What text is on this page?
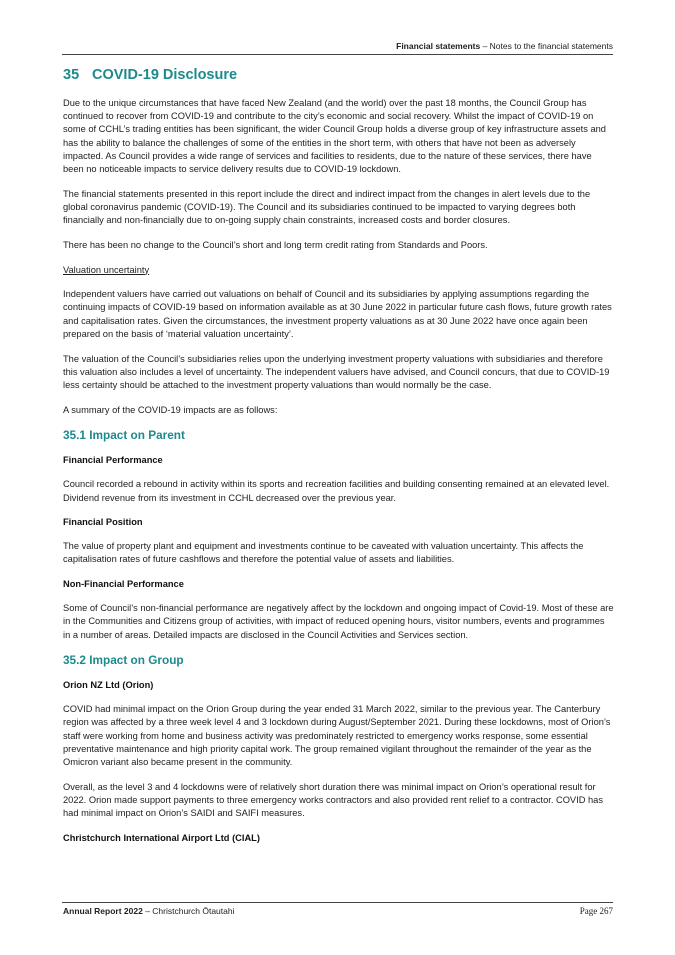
Financial statements – Notes to the financial statements
35 COVID-19 Disclosure

Due to the unique circumstances that have faced New Zealand (and the world) over the past 18 months, the Council Group has continued to recover from COVID-19 and contribute to the city’s economic and social recovery. Whilst the impact of COVID-19 on some of CCHL’s trading entities has been significant, the wider Council Group holds a diverse group of key infrastructure assets and has the ability to balance the challenges of some of the entities in the short term, with others that have not been as adversely impacted. As Council provides a wide range of services and facilities to residents, due to the nature of these services, there have been no noticeable impacts to service delivery results due to COVID-19 lockdown.

The financial statements presented in this report include the direct and indirect impact from the changes in alert levels due to the global coronavirus pandemic (COVID-19). The Council and its subsidiaries continued to be impacted to varying degrees both financially and non-financially due to on-going supply chain constraints, increased costs and border closures.

There has been no change to the Council’s short and long term credit rating from Standards and Poors.

Valuation uncertainty

Independent valuers have carried out valuations on behalf of Council and its subsidiaries by applying assumptions regarding the continuing impacts of COVID-19 based on information available as at 30 June 2022 in particular future cash flows, future growth rates and capitalisation rates. Given the circumstances, the investment property valuations as at 30 June 2022 have once again been prepared on the basis of ‘material valuation uncertainty’.

The valuation of the Council’s subsidiaries relies upon the underlying investment property valuations with subsidiaries and therefore this valuation also includes a level of uncertainty. The independent valuers have advised, and Council concurs, that due to COVID-19 less certainty should be attached to the investment property valuations than would normally be the case.

A summary of the COVID-19 impacts are as follows:

35.1 Impact on Parent
Financial Performance

Council recorded a rebound in activity within its sports and recreation facilities and building consenting remained at an elevated level. Dividend revenue from its investment in CCHL decreased over the previous year.

Financial Position

The value of property plant and equipment and investments continue to be caveated with valuation uncertainty. This affects the capitalisation rates of future cashflows and therefore the potential value of assets and liabilities.

Non-Financial Performance

Some of Council’s non-financial performance are negatively affect by the lockdown and ongoing impact of Covid-19. Most of these are in the Communities and Citizens group of activities, with impact of reduced opening hours, visitor numbers, events and programmes in a number of areas. Detailed impacts are disclosed in the Council Activities and Services section.

35.2 Impact on Group
Orion NZ Ltd (Orion)

COVID had minimal impact on the Orion Group during the year ended 31 March 2022, similar to the previous year. The Canterbury region was affected by a three week level 4 and 3 lockdown during August/September 2021. During these lockdowns, most of Orion’s staff were working from home and business activity was predominately restricted to emergency works response, some essential preventative maintenance and high priority capital work. The group remained vigilant throughout the remainder of the year as the Omicron variant also became present in the community.

Overall, as the level 3 and 4 lockdowns were of relatively short duration there was minimal impact on Orion’s operational result for 2022. Orion made support payments to three emergency works contractors and also provided rent relief to a contractor. COVID has had minimal impact on Orion’s SAIDI and SAIFI measures.

Christchurch International Airport Ltd (CIAL)
Annual Report 2022 – Christchurch Ōtautahi	Page 267
